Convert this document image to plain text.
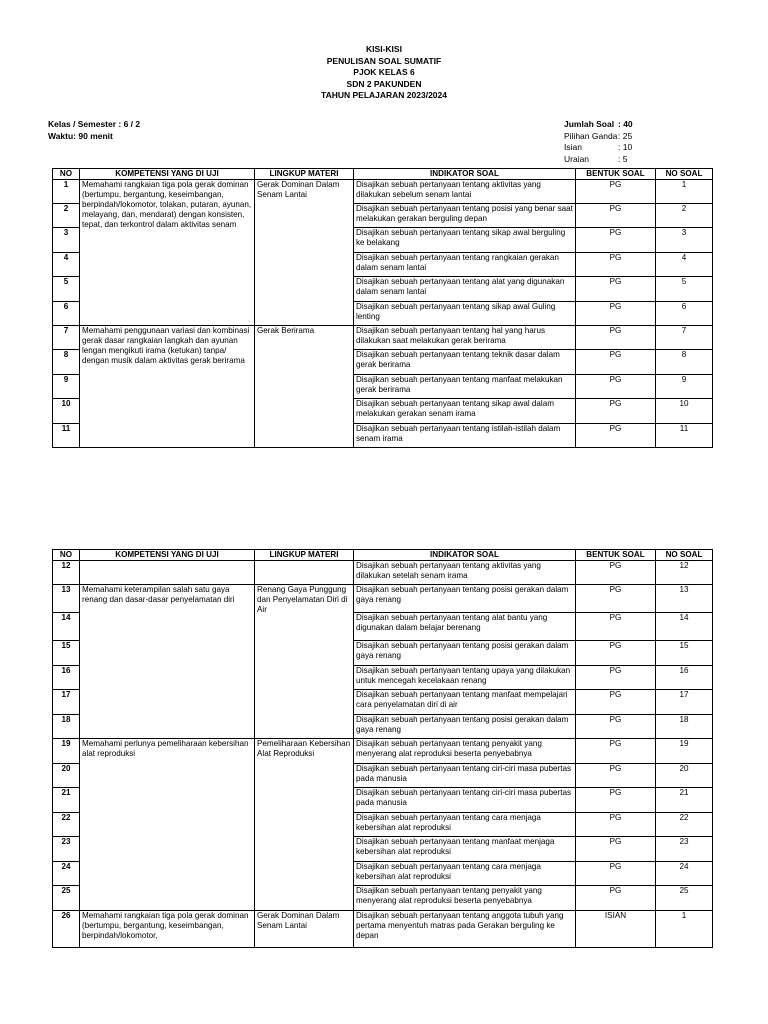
KISI-KISI
PENULISAN SOAL SUMATIF
PJOK KELAS 6
SDN 2 PAKUNDEN
TAHUN PELAJARAN 2023/2024
Kelas / Semester : 6 / 2
Waktu: 90 menit
Jumlah Soal : 40
Pilihan Ganda : 25
Isian	: 10
Uraian	: 5
NO	KOMPETENSI YANG DI UJI	LINGKUP MATERI	INDIKATOR SOAL	BENTUK SOAL	NO SOAL
1	Memahami rangkaian tiga pola gerak dominan (bertumpu, bergantung, keseimbangan, berpindah/lokomotor, tolakan, putaran, ayunan, melayang, dan, mendarat) dengan konsisten, tepat, dan terkontrol dalam aktivitas senam	Gerak Dominan Dalam Senam Lantai	Disajikan sebuah pertanyaan tentang aktivitas yang dilakukan sebelum senam lantai	PG	1
2			Disajikan sebuah pertanyaan tentang posisi yang benar saat melakukan gerakan berguling depan	PG	2
3			Disajikan sebuah pertanyaan tentang sikap awal berguling ke belakang	PG	3
4			Disajikan sebuah pertanyaan tentang rangkaian gerakan dalam senam lantai	PG	4
5			Disajikan sebuah pertanyaan tentang alat yang digunakan dalam senam lantai	PG	5
6			Disajikan sebuah pertanyaan tentang sikap awal Guling lenting	PG	6
7	Memahami penggunaan variasi dan kombinasi gerak dasar rangkaian langkah dan ayunan lengan mengikuti irama (ketukan) tanpa/ dengan musik dalam aktivitas gerak berirama	Gerak Berirama	Disajikan sebuah pertanyaan tentang hal yang harus dilakukan saat melakukan gerak berirama	PG	7
8			Disajikan sebuah pertanyaan tentang teknik dasar dalam gerak berirama	PG	8
9			Disajikan sebuah pertanyaan tentang manfaat melakukan gerak berirama	PG	9
10			Disajikan sebuah pertanyaan tentang sikap awal dalam melakukan gerakan senam irama	PG	10
11			Disajikan sebuah pertanyaan tentang istilah-istilah dalam senam irama	PG	11
NO	KOMPETENSI YANG DI UJI	LINGKUP MATERI	INDIKATOR SOAL	BENTUK SOAL	NO SOAL
12			Disajikan sebuah pertanyaan tentang aktivitas yang dilakukan setelah senam irama	PG	12
13	Memahami keterampilan salah satu gaya renang dan dasar-dasar penyelamatan diri	Renang Gaya Punggung dan Penyelamatan Diri di Air	Disajikan sebuah pertanyaan tentang posisi gerakan dalam gaya renang	PG	13
14			Disajikan sebuah pertanyaan tentang alat bantu yang digunakan dalam belajar berenang	PG	14
15			Disajikan sebuah pertanyaan tentang posisi gerakan dalam gaya renang	PG	15
16			Disajikan sebuah pertanyaan tentang upaya yang dilakukan untuk mencegah kecelakaan renang	PG	16
17			Disajikan sebuah pertanyaan tentang manfaat mempelajari cara penyelamatan diri di air	PG	17
18			Disajikan sebuah pertanyaan tentang posisi gerakan dalam gaya renang	PG	18
19	Memahami perlunya pemeliharaan kebersihan alat reproduksi	Pemeliharaan Kebersihan Alat Reproduksi	Disajikan sebuah pertanyaan tentang penyakit yang menyerang alat reproduksi beserta penyebabnya	PG	19
20			Disajikan sebuah pertanyaan tentang ciri-ciri masa pubertas pada manusia	PG	20
21			Disajikan sebuah pertanyaan tentang ciri-ciri masa pubertas pada manusia	PG	21
22			Disajikan sebuah pertanyaan tentang cara menjaga kebersihan alat reproduksi	PG	22
23			Disajikan sebuah pertanyaan tentang manfaat menjaga kebersihan alat reproduksi	PG	23
24			Disajikan sebuah pertanyaan tentang cara menjaga kebersihan alat reproduksi	PG	24
25			Disajikan sebuah pertanyaan tentang penyakit yang menyerang alat reproduksi beserta penyebabnya	PG	25
26	Memahami rangkaian tiga pola gerak dominan (bertumpu, bergantung, keseimbangan, berpindah/lokomotor,	Gerak Dominan Dalam Senam Lantai	Disajikan sebuah pertanyaan tentang anggota tubuh yang pertama menyentuh matras pada Gerakan berguling ke depan	ISIAN	1
